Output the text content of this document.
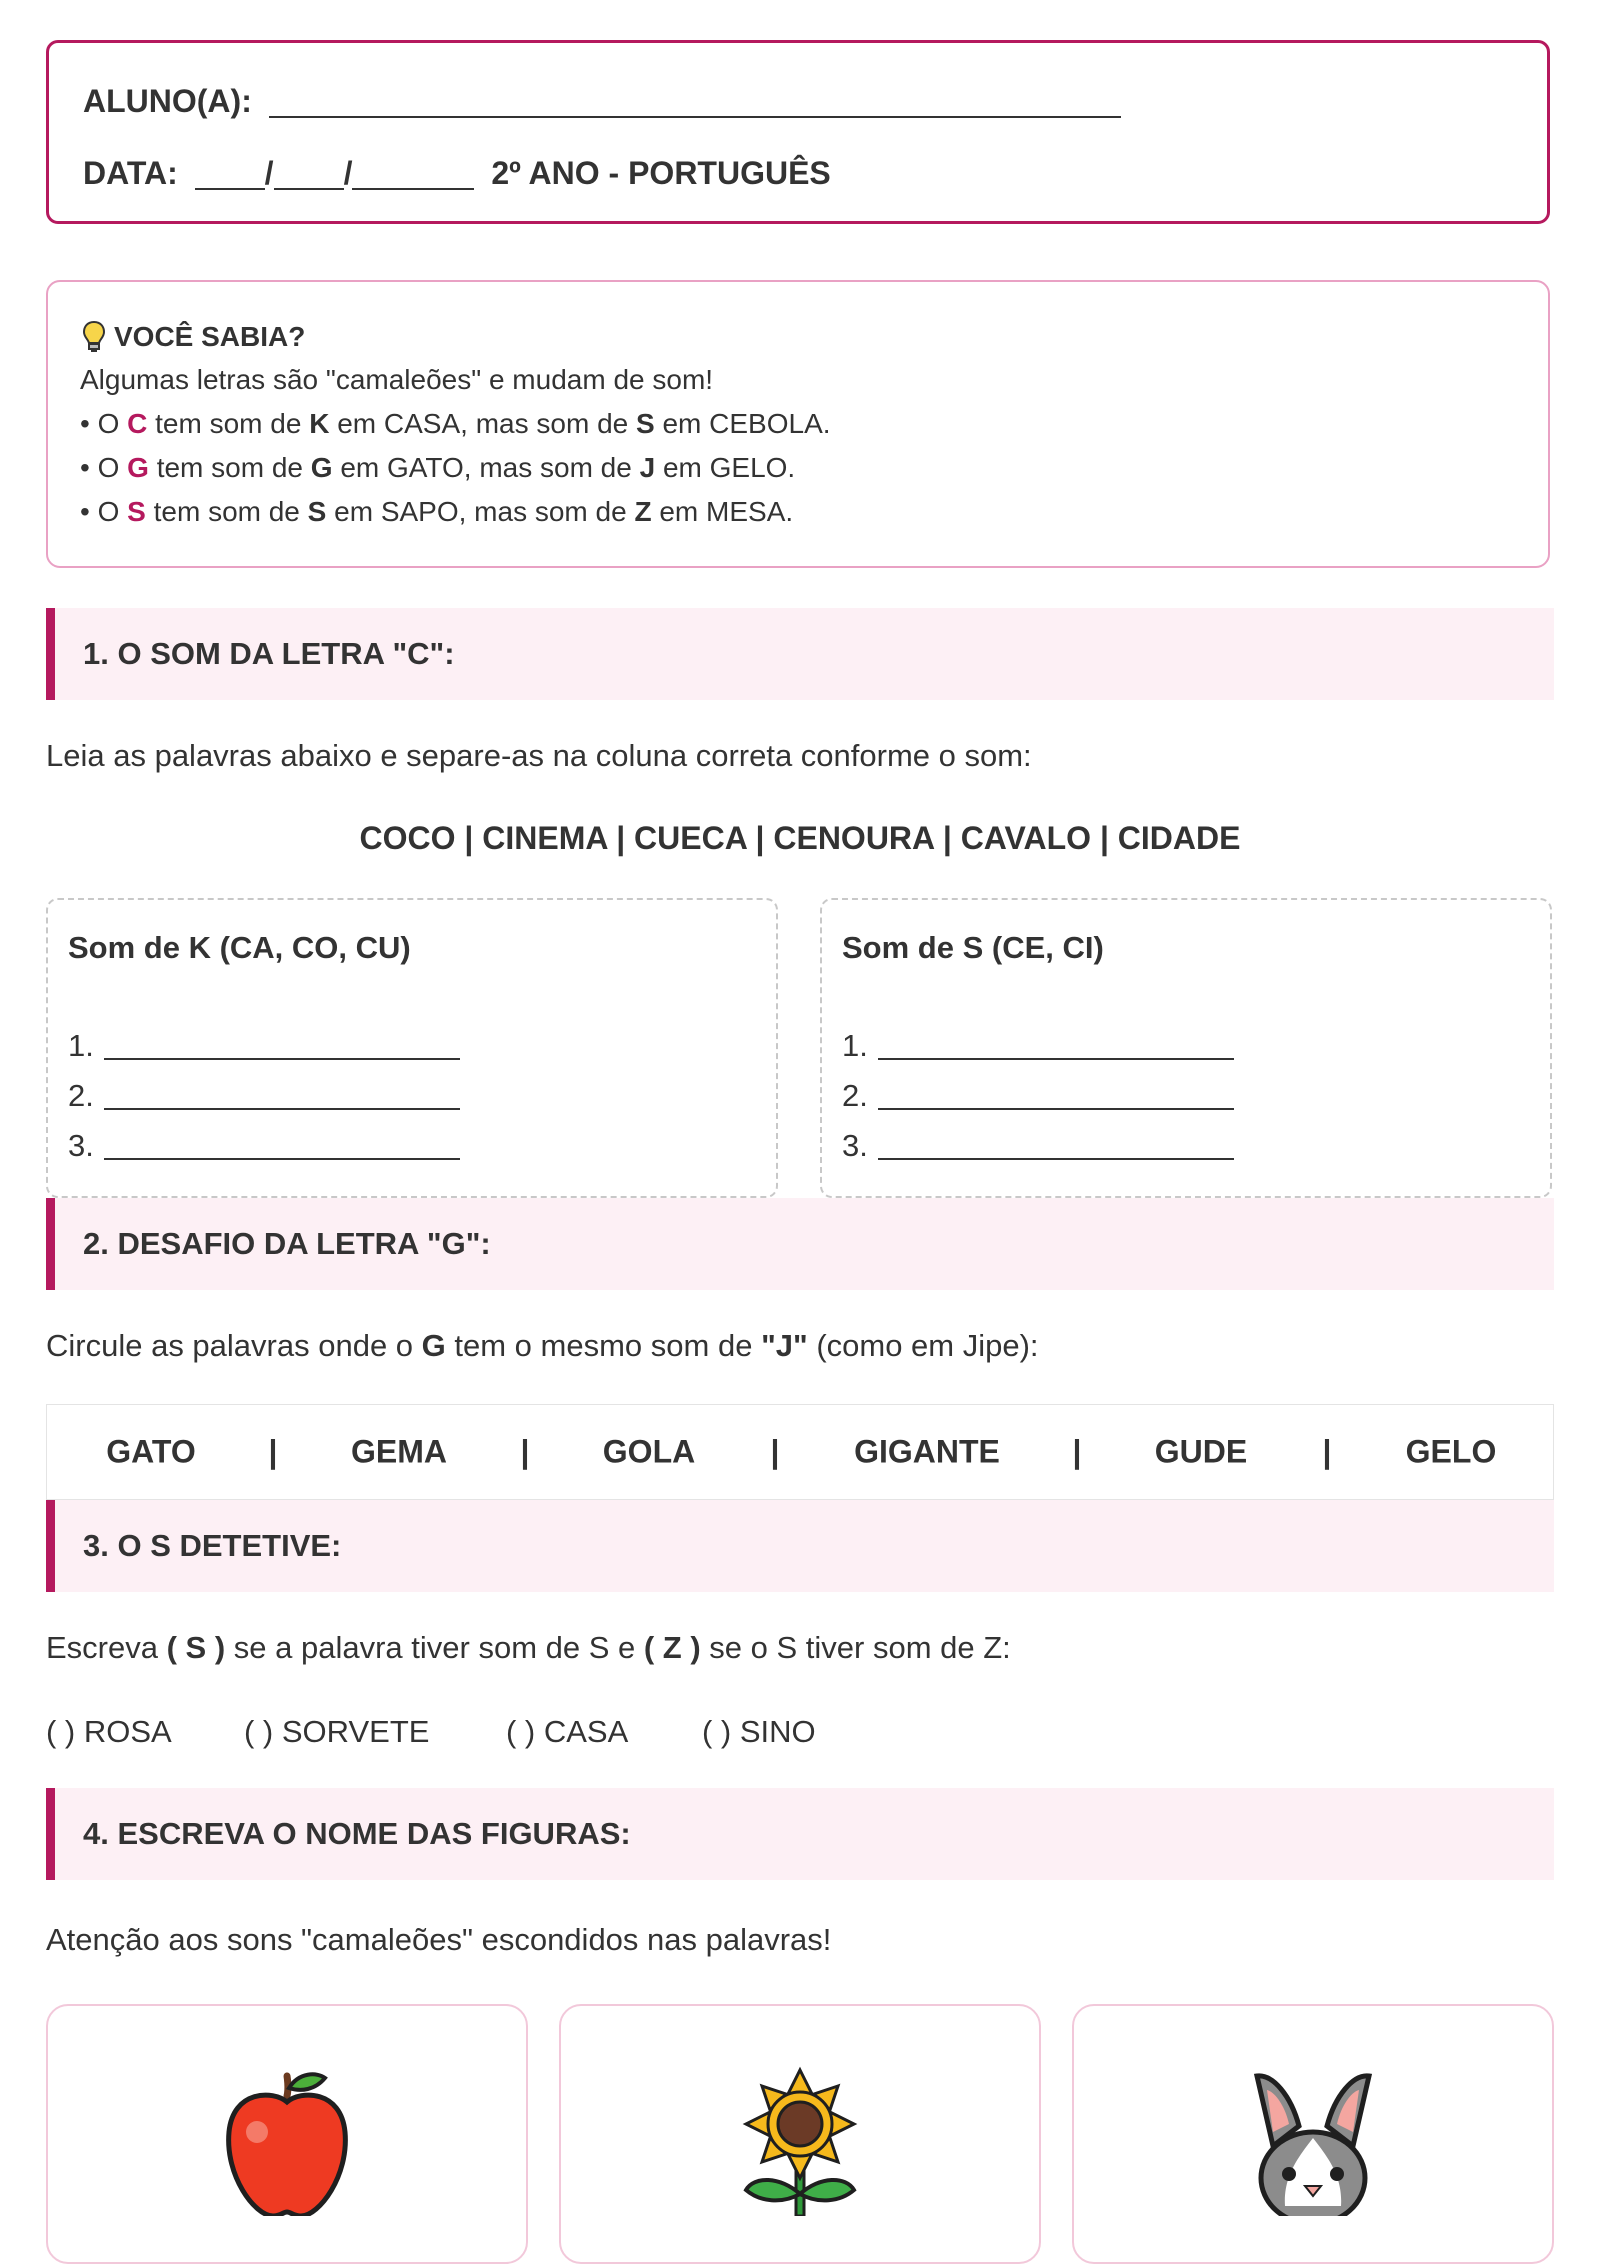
ALUNO(A):
DATA:	/ /	2º ANO - PORTUGUÊS
VOCÊ SABIA?
Algumas letras são "camaleões" e mudam de som!
• O C tem som de K em CASA, mas som de S em CEBOLA.
• O G tem som de G em GATO, mas som de J em GELO.
• O S tem som de S em SAPO, mas som de Z em MESA.
1. O SOM DA LETRA "C":
Leia as palavras abaixo e separe-as na coluna correta conforme o som:
COCO | CINEMA | CUECA | CENOURA | CAVALO | CIDADE
Som de K (CA, CO, CU)
1.
2.
3.
Som de S (CE, CI)
1.
2.
3.
2. DESAFIO DA LETRA "G":
Circule as palavras onde o G tem o mesmo som de "J" (como em Jipe):
GATO | GEMA | GOLA | GIGANTE | GUDE | GELO
3. O S DETETIVE:
Escreva ( S ) se a palavra tiver som de S e ( Z ) se o S tiver som de Z:
( ) ROSA ( ) SORVETE ( ) CASA ( ) SINO
4. ESCREVA O NOME DAS FIGURAS:
Atenção aos sons "camaleões" escondidos nas palavras!
